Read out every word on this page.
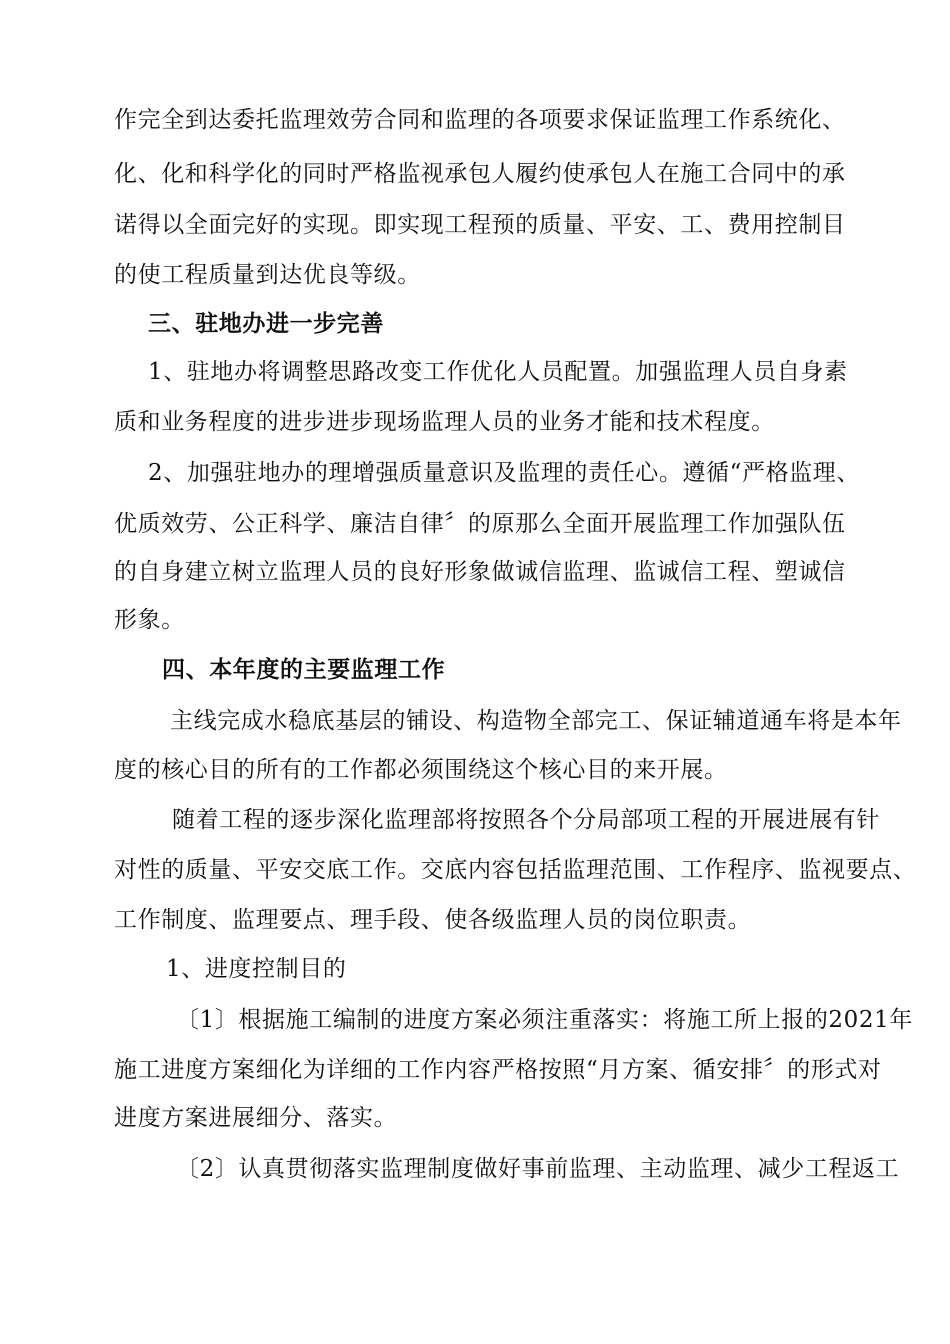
作完全到达委托监理效劳合同和监理的各项要求保证监理工作系统化、

化、化和科学化的同时严格监视承包人履约使承包人在施工合同中的承

诺得以全面完好的实现。即实现工程预的质量、平安、工、费用控制目

的使工程质量到达优良等级。

三、驻地办进一步完善

1、驻地办将调整思路改变工作优化人员配置。加强监理人员自身素

质和业务程度的进步进步现场监理人员的业务才能和技术程度。

2、加强驻地办的理增强质量意识及监理的责任心。遵循“严格监理、

优质效劳、公正科学、廉洁自律〞的原那么全面开展监理工作加强队伍

的自身建立树立监理人员的良好形象做诚信监理、监诚信工程、塑诚信

形象。

四、本年度的主要监理工作

主线完成水稳底基层的铺设、构造物全部完工、保证辅道通车将是本年

度的核心目的所有的工作都必须围绕这个核心目的来开展。

随着工程的逐步深化监理部将按照各个分局部项工程的开展进展有针

对性的质量、平安交底工作。交底内容包括监理范围、工作程序、监视要点、

工作制度、监理要点、理手段、使各级监理人员的岗位职责。

1、进度控制目的

〔1〕根据施工编制的进度方案必须注重落实：将施工所上报的2021年

施工进度方案细化为详细的工作内容严格按照“月方案、循安排〞的形式对

进度方案进展细分、落实。

〔2〕认真贯彻落实监理制度做好事前监理、主动监理、减少工程返工
